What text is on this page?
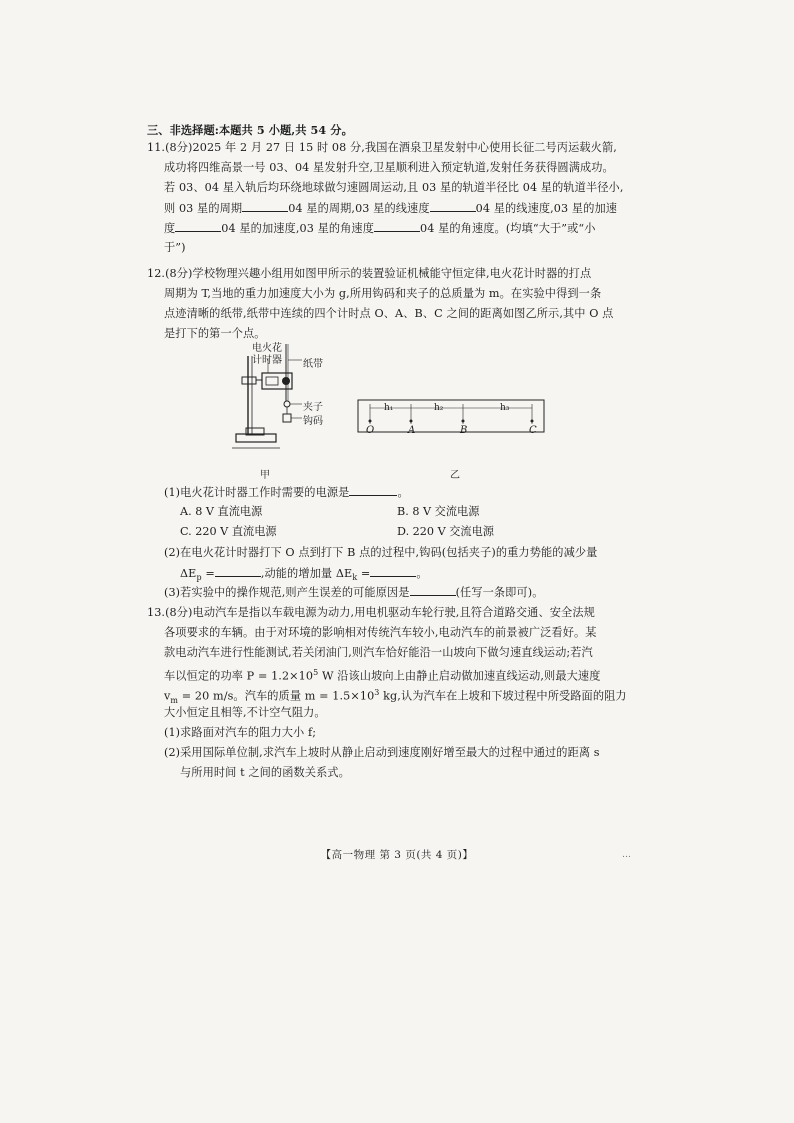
三、非选择题:本题共 5 小题,共 54 分。
11.(8分)2025 年 2 月 27 日 15 时 08 分,我国在酒泉卫星发射中心使用长征二号丙运载火箭,
成功将四维高景一号 03、04 星发射升空,卫星顺利进入预定轨道,发射任务获得圆满成功。
若 03、04 星入轨后均环绕地球做匀速圆周运动,且 03 星的轨道半径比 04 星的轨道半径小,
则 03 星的周期	04 星的周期,03 星的线速度	04 星的线速度,03 星的加速
度	04 星的加速度,03 星的角速度	04 星的角速度。(均填“大于”或“小
于”)
12.(8分)学校物理兴趣小组用如图甲所示的装置验证机械能守恒定律,电火花计时器的打点
周期为 T,当地的重力加速度大小为 g,所用钩码和夹子的总质量为 m。在实验中得到一条
点迹清晰的纸带,纸带中连续的四个计时点 O、A、B、C 之间的距离如图乙所示,其中 O 点
是打下的第一个点。
电火花
计时器 纸带
夹子
钩码
甲
h₁	h₂	h₃
O	A	B	C
乙
(1)电火花计时器工作时需要的电源是	。
A. 8 V 直流电源	B. 8 V 交流电源
C. 220 V 直流电源	D. 220 V 交流电源
(2)在电火花计时器打下 O 点到打下 B 点的过程中,钩码(包括夹子)的重力势能的减少量
$\Delta E_p$ =	,动能的增加量 $\Delta E_k$ =	。
(3)若实验中的操作规范,则产生误差的可能原因是	(任写一条即可)。
13.(8分)电动汽车是指以车载电源为动力,用电机驱动车轮行驶,且符合道路交通、安全法规
各项要求的车辆。由于对环境的影响相对传统汽车较小,电动汽车的前景被广泛看好。某
款电动汽车进行性能测试,若关闭油门,则汽车恰好能沿一山坡向下做匀速直线运动;若汽
车以恒定的功率 $P = 1.2\times 10^5$ W 沿该山坡向上由静止启动做加速直线运动,则最大速度
$v_m = 20$ m/s。汽车的质量 $m = 1.5\times 10^3$ kg,认为汽车在上坡和下坡过程中所受路面的阻力
大小恒定且相等,不计空气阻力。
(1)求路面对汽车的阻力大小 f;
(2)采用国际单位制,求汽车上坡时从静止启动到速度刚好增至最大的过程中通过的距离 s
与所用时间 t 之间的函数关系式。
【高一物理 第 3 页(共 4 页)】	…
